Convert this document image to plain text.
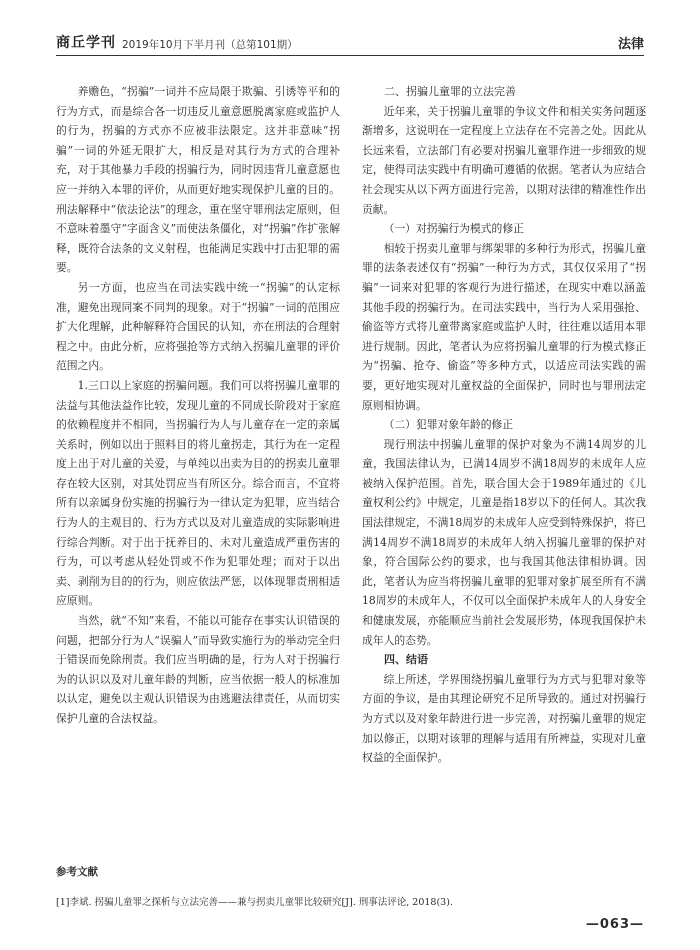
商丘学刊 2019年10月下半月刊（总第101期）	法律

养赡色，“拐骗”一词并不应局限于欺骗、引诱等平和的行为方式，而是综合各一切违反儿童意愿脱离家庭或监护人的行为，拐骗的方式亦不应被非法限定。这并非意味“拐骗”一词的外延无限扩大，相反是对其行为方式的合理补充，对于其他暴力手段的拐骗行为，同时因违背儿童意愿也应一并纳入本罪的评价，从而更好地实现保护儿童的目的。刑法解释中“依法论法”的理念，重在坚守罪刑法定原则，但不意味着墨守“字面含义”而使法条僵化，对“拐骗”作扩张解释，既符合法条的文义射程，也能满足实践中打击犯罪的需要。

另一方面，也应当在司法实践中统一“拐骗”的认定标准，避免出现同案不同判的现象。对于“拐骗”一词的范围应扩大化理解，此种解释符合国民的认知，亦在刑法的合理射程之中。由此分析，应将强抢等方式纳入拐骗儿童罪的评价范围之内。

1.三口以上家庭的拐骗问题。我们可以将拐骗儿童罪的法益与其他法益作比较，发现儿童的不同成长阶段对于家庭的依赖程度并不相同，当拐骗行为人与儿童存在一定的亲属关系时，例如以出于照料目的将儿童拐走，其行为在一定程度上出于对儿童的关爱，与单纯以出卖为目的的拐卖儿童罪存在较大区别，对其处罚应当有所区分。综合而言，不宜将所有以亲属身份实施的拐骗行为一律认定为犯罪，应当结合行为人的主观目的、行为方式以及对儿童造成的实际影响进行综合判断。对于出于抚养目的、未对儿童造成严重伤害的行为，可以考虑从轻处罚或不作为犯罪处理；而对于以出卖、剥削为目的的行为，则应依法严惩，以体现罪责刑相适应原则。

当然，就“不知”来看，不能以可能存在事实认识错误的问题，把部分行为人“误骗人”而导致实施行为的举动完全归于错误而免除刑责。我们应当明确的是，行为人对于拐骗行为的认识以及对儿童年龄的判断，应当依据一般人的标准加以认定，避免以主观认识错误为由逃避法律责任，从而切实保护儿童的合法权益。

二、拐骗儿童罪的立法完善

近年来，关于拐骗儿童罪的争议文件和相关实务问题逐渐增多，这说明在一定程度上立法存在不完善之处。因此从长远来看，立法部门有必要对拐骗儿童罪作进一步细致的规定，使得司法实践中有明确可遵循的依据。笔者认为应结合社会现实从以下两方面进行完善，以期对法律的精准性作出贡献。

（一）对拐骗行为模式的修正

相较于拐卖儿童罪与绑架罪的多种行为形式，拐骗儿童罪的法条表述仅有“拐骗”一种行为方式，其仅仅采用了“拐骗”一词来对犯罪的客观行为进行描述，在现实中难以涵盖其他手段的拐骗行为。在司法实践中，当行为人采用强抢、偷盗等方式将儿童带离家庭或监护人时，往往难以适用本罪进行规制。因此，笔者认为应将拐骗儿童罪的行为模式修正为“拐骗、抢夺、偷盗”等多种方式，以适应司法实践的需要，更好地实现对儿童权益的全面保护，同时也与罪刑法定原则相协调。

（二）犯罪对象年龄的修正

现行刑法中拐骗儿童罪的保护对象为不满14周岁的儿童，我国法律认为，已满14周岁不满18周岁的未成年人应被纳入保护范围。首先，联合国大会于1989年通过的《儿童权利公约》中规定，儿童是指18岁以下的任何人。其次我国法律规定，不满18周岁的未成年人应受到特殊保护，将已满14周岁不满18周岁的未成年人纳入拐骗儿童罪的保护对象，符合国际公约的要求，也与我国其他法律相协调。因此，笔者认为应当将拐骗儿童罪的犯罪对象扩展至所有不满18周岁的未成年人，不仅可以全面保护未成年人的人身安全和健康发展，亦能顺应当前社会发展形势，体现我国保护未成年人的态势。

四、结语

综上所述，学界围绕拐骗儿童罪行为方式与犯罪对象等方面的争议，是由其理论研究不足所导致的。通过对拐骗行为方式以及对象年龄进行进一步完善，对拐骗儿童罪的规定加以修正，以期对该罪的理解与适用有所裨益，实现对儿童权益的全面保护。

参考文献
[1]李斌. 拐骗儿童罪之探析与立法完善——兼与拐卖儿童罪比较研究[J]. 刑事法评论, 2018(3).
—063—
